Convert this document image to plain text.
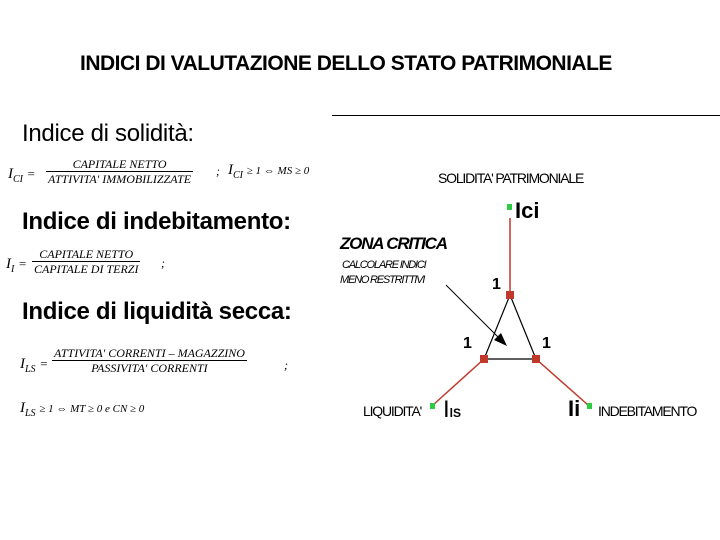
INDICI DI VALUTAZIONE DELLO STATO PATRIMONIALE
Indice di solidità:
$I_{CI}$ =
CAPITALE NETTO
ATTIVITA' IMMOBILIZZATE
; $I_{CI} \ge 1$ ⇔ MS ≥ 0
Indice di indebitamento:
$I_I$ =
CAPITALE NETTO
CAPITALE DI TERZI ;
Indice di liquidità secca:
$I_{LS}$ =
ATTIVITA' CORRENTI – MAGAZZINO
PASSIVITA' CORRENTI	;
$I_{LS} \ge 1$ ⇔ MT ≥ 0 e CN ≥ 0
SOLIDITA' PATRIMONIALE
Ici
ZONA CRITICA
CALCOLARE INDICI
MENO RESTRITTIVI	1
1	1
LIQUIDITA' IlS	Ii INDEBITAMENTO
